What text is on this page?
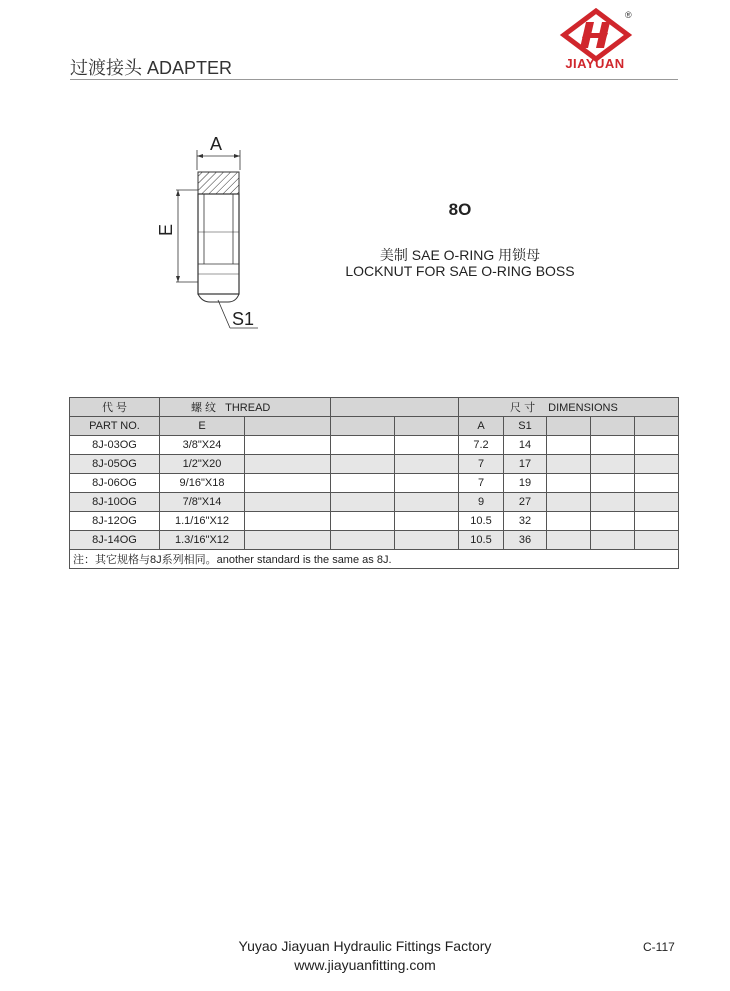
过渡接头 ADAPTER
®
JIAYUAN
A
E
S1
8O
美制 SAE O-RING 用锁母
LOCKNUT FOR SAE O-RING BOSS
代 号	螺 纹 THREAD				尺 寸 DIMENSIONS				
PART NO.	E				A	S1			
8J-03OG	3/8"X24				7.2	14			
8J-05OG	1/2"X20				7	17			
8J-06OG	9/16"X18				7	19			
8J-10OG	7/8"X14				9	27			
8J-12OG	1.1/16"X12				10.5	32			
8J-14OG	1.3/16"X12				10.5	36			
注：其它规格与8J系列相同。another standard is the same as 8J.									
Yuyao Jiayuan Hydraulic Fittings Factory
www.jiayuanfitting.com
C-117
